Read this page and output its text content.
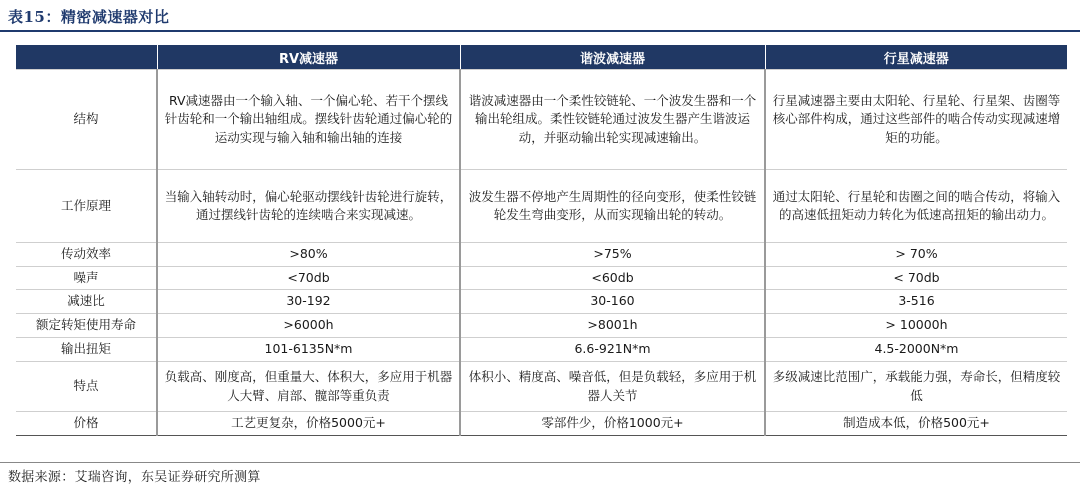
表15：精密减速器对比
	RV减速器	谐波减速器	行星减速器
结构	RV减速器由一个输入轴、一个偏心轮、若干个摆线针齿轮和一个输出轴组成。摆线针齿轮通过偏心轮的运动实现与输入轴和输出轴的连接	谐波减速器由一个柔性铰链轮、一个波发生器和一个输出轮组成。柔性铰链轮通过波发生器产生谐波运动，并驱动输出轮实现减速输出。	行星减速器主要由太阳轮、行星轮、行星架、齿圈等核心部件构成，通过这些部件的啮合传动实现减速增矩的功能。
工作原理	当输入轴转动时，偏心轮驱动摆线针齿轮进行旋转，通过摆线针齿轮的连续啮合来实现减速。	波发生器不停地产生周期性的径向变形，使柔性铰链轮发生弯曲变形，从而实现输出轮的转动。	通过太阳轮、行星轮和齿圈之间的啮合传动，将输入的高速低扭矩动力转化为低速高扭矩的输出动力。
传动效率	>80%	>75%	> 70%
噪声	<70db	<60db	< 70db
减速比	30-192	30-160	3-516
额定转矩使用寿命	>6000h	>8001h	> 10000h
输出扭矩	101-6135N*m	6.6-921N*m	4.5-2000N*m
特点	负载高、刚度高，但重量大、体积大，多应用于机器人大臂、肩部、髋部等重负责	体积小、精度高、噪音低，但是负载轻，多应用于机器人关节	多级减速比范围广，承载能力强，寿命长，但精度较低
价格	工艺更复杂，价格5000元+	零部件少，价格1000元+	制造成本低，价格500元+
数据来源：艾瑞咨询，东吴证券研究所测算
